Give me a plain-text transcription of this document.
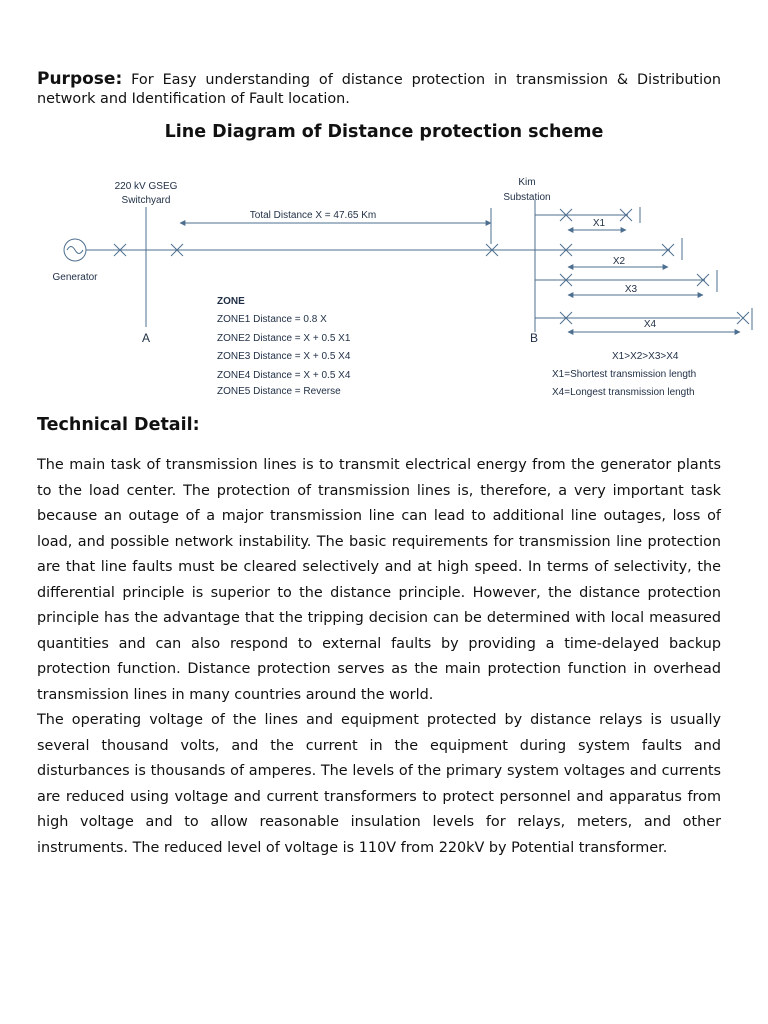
Purpose: For Easy understanding of distance protection in transmission & Distribution network and Identification of Fault location.
Line Diagram of Distance protection scheme
220 kV GSEG
Switchyard
Kim
Substation
Total Distance X = 47.65 Km
Generator
A	B
ZONE
ZONE1 Distance = 0.8 X
ZONE2 Distance = X + 0.5 X1
ZONE3 Distance = X + 0.5 X4
ZONE4 Distance = X + 0.5 X4
ZONE5 Distance = Reverse
X1
X2
X3
X4
X1>X2>X3>X4
X1=Shortest transmission length
X4=Longest transmission length
Technical Detail:

The main task of transmission lines is to transmit electrical energy from the generator plants to the load center. The protection of transmission lines is, therefore, a very important task because an outage of a major transmission line can lead to additional line outages, loss of load, and possible network instability. The basic requirements for transmission line protection are that line faults must be cleared selectively and at high speed. In terms of selectivity, the differential principle is superior to the distance principle. However, the distance protection principle has the advantage that the tripping decision can be determined with local measured quantities and can also respond to external faults by providing a time-delayed backup protection function. Distance protection serves as the main protection function in overhead transmission lines in many countries around the world.

The operating voltage of the lines and equipment protected by distance relays is usually several thousand volts, and the current in the equipment during system faults and disturbances is thousands of amperes. The levels of the primary system voltages and currents are reduced using voltage and current transformers to protect personnel and apparatus from high voltage and to allow reasonable insulation levels for relays, meters, and other instruments. The reduced level of voltage is 110V from 220kV by Potential transformer.
